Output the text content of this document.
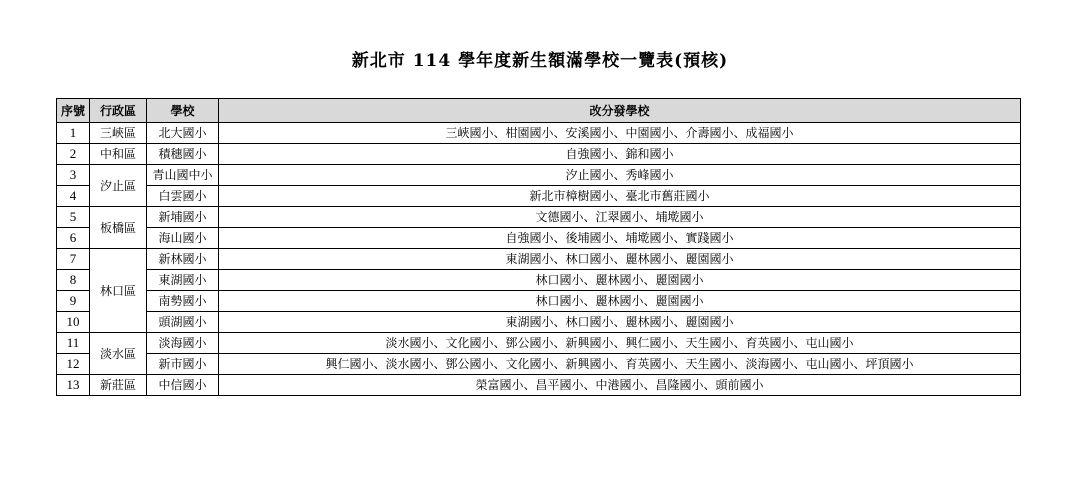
新北市 114 學年度新生額滿學校一覽表(預核)
序號	行政區	學校	改分發學校
1	三峽區	北大國小	三峽國小、柑園國小、安溪國小、中園國小、介壽國小、成福國小
2	中和區	積穗國小	自強國小、錦和國小
3	汐止區	青山國中小	汐止國小、秀峰國小
4		白雲國小	新北市樟樹國小、臺北市舊莊國小
5	板橋區	新埔國小	文德國小、江翠國小、埔墘國小
6		海山國小	自強國小、後埔國小、埔墘國小、實踐國小
7	林口區	新林國小	東湖國小、林口國小、麗林國小、麗園國小
8		東湖國小	林口國小、麗林國小、麗園國小
9		南勢國小	林口國小、麗林國小、麗園國小
10		頭湖國小	東湖國小、林口國小、麗林國小、麗園國小
11	淡水區	淡海國小	淡水國小、文化國小、鄧公國小、新興國小、興仁國小、天生國小、育英國小、屯山國小
12		新市國小	興仁國小、淡水國小、鄧公國小、文化國小、新興國小、育英國小、天生國小、淡海國小、屯山國小、坪頂國小
13	新莊區	中信國小	榮富國小、昌平國小、中港國小、昌隆國小、頭前國小
